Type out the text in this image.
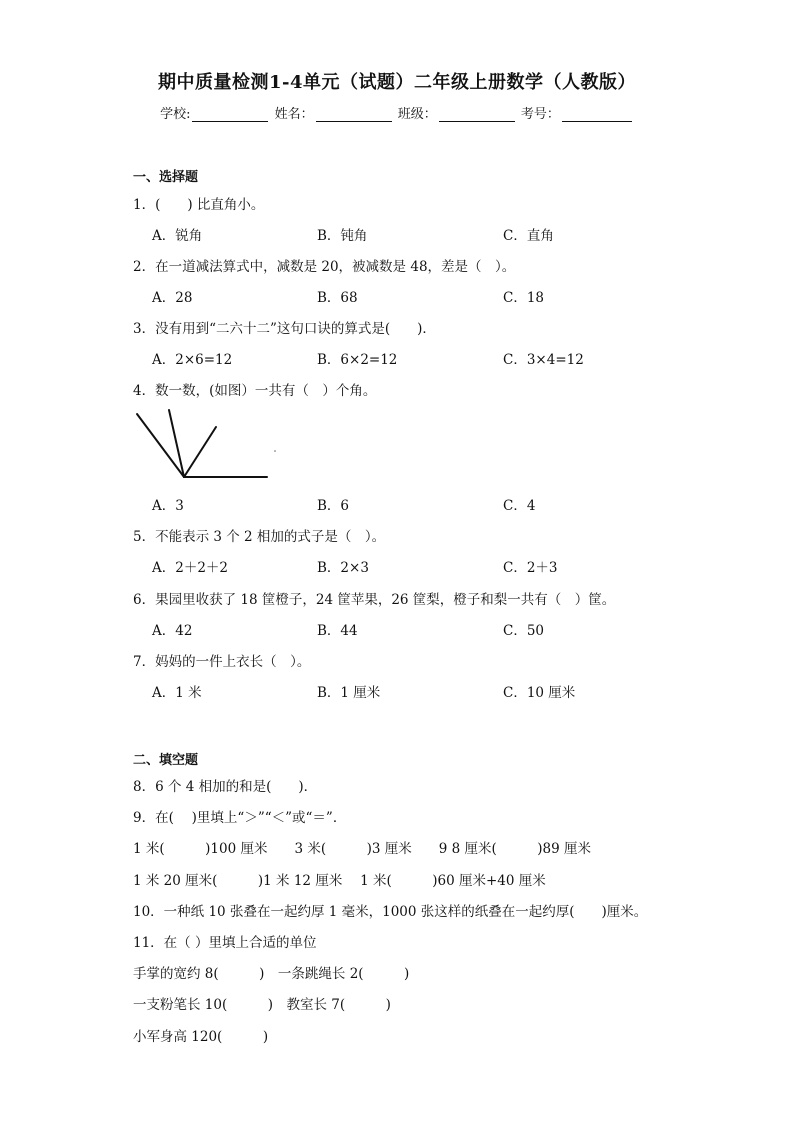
期中质量检测1-4单元（试题）二年级上册数学（人教版）
学校:	姓名：	班级：	考号：
一、选择题
1．(　　) 比直角小。
A．锐角	B．钝角	C．直角
2．在一道减法算式中，减数是 20，被减数是 48，差是（　）。
A．28	B．68	C．18
3．没有用到“二六十二”这句口诀的算式是(　　)．
A．2×6=12	B．6×2=12	C．3×4=12
4．数一数，(如图）一共有（　）个角。
A．3	B．6	C．4
5．不能表示 3 个 2 相加的式子是（　）。
A．2＋2＋2	B．2×3	C．2＋3
6．果园里收获了 18 筐橙子，24 筐苹果，26 筐梨，橙子和梨一共有（　）筐。
A．42	B．44	C．50
7．妈妈的一件上衣长（　）。
A．1 米	B．1 厘米	C．10 厘米
二、填空题
8．6 个 4 相加的和是(　　)．
9．在(　 )里填上“＞”“＜”或“＝”．
1 米(　　　)100 厘米　　3 米(　　　)3 厘米　　9 8 厘米(　　　)89 厘米
1 米 20 厘米(　　　)1 米 12 厘米　 1 米(　　　)60 厘米+40 厘米
10．一种纸 10 张叠在一起约厚 1 毫米，1000 张这样的纸叠在一起约厚(　　)厘米。
11．在（ ）里填上合适的单位
手掌的宽约 8(　　　)　一条跳绳长 2(　　　)
一支粉笔长 10(　　　)　教室长 7(　　　)
小军身高 120(　　　)
